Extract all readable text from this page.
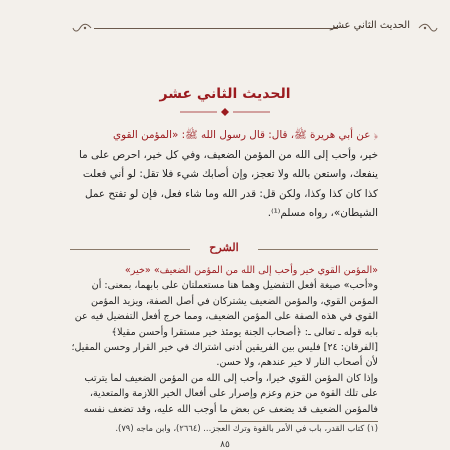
الحديث الثاني عشر
الحديث الثاني عشر
﴿ عن أبي هريرة ﷺ، قال: قال رسول الله ﷺ: «المؤمن القوي
خير، وأحب إلى الله من المؤمن الضعيف، وفي كل خير، احرص على ما
ينفعك، واستعن بالله ولا تعجز، وإن أصابك شيء فلا تقل: لو أني فعلت
كذا كان كذا وكذا، ولكن قل: قدر الله وما شاء فعل، فإن لو تفتح عمل
الشيطان»، رواه مسلم⁽¹⁾.
الشرح
«المؤمن القوي خير وأحب إلى الله من المؤمن الضعيف» «خير»
و«أحب» صيغة أفعل التفضيل وهما هنا مستعملتان على بابهما، بمعنى: أن
المؤمن القوي، والمؤمن الضعيف يشتركان في أصل الصفة، ويزيد المؤمن
القوي في هذه الصفة على المؤمن الضعيف، ومما خرج أفعل التفضيل فيه عن
بابه قوله ـ تعالى ـ: ﴿أصحاب الجنة يومئذ خير مستقرا وأحسن مقيلا﴾
[الفرقان: ٢٤] فليس بين الفريقين أدنى اشتراك في خير القرار وحسن المقيل؛
لأن أصحاب النار لا خير عندهم، ولا حسن.
وإذا كان المؤمن القوي خيرا، وأحب إلى الله من المؤمن الضعيف لما يترتب
على تلك القوة من حزم وعزم وإصرار على أفعال الخير اللازمة والمتعدية،
فالمؤمن الضعيف قد يضعف عن بعض ما أوجب الله عليه، وقد تضعف نفسه
(١) كتاب القدر، باب في الأمر بالقوة وترك العجز... (٢٦٦٤)، وابن ماجه (٧٩).
٨٥
